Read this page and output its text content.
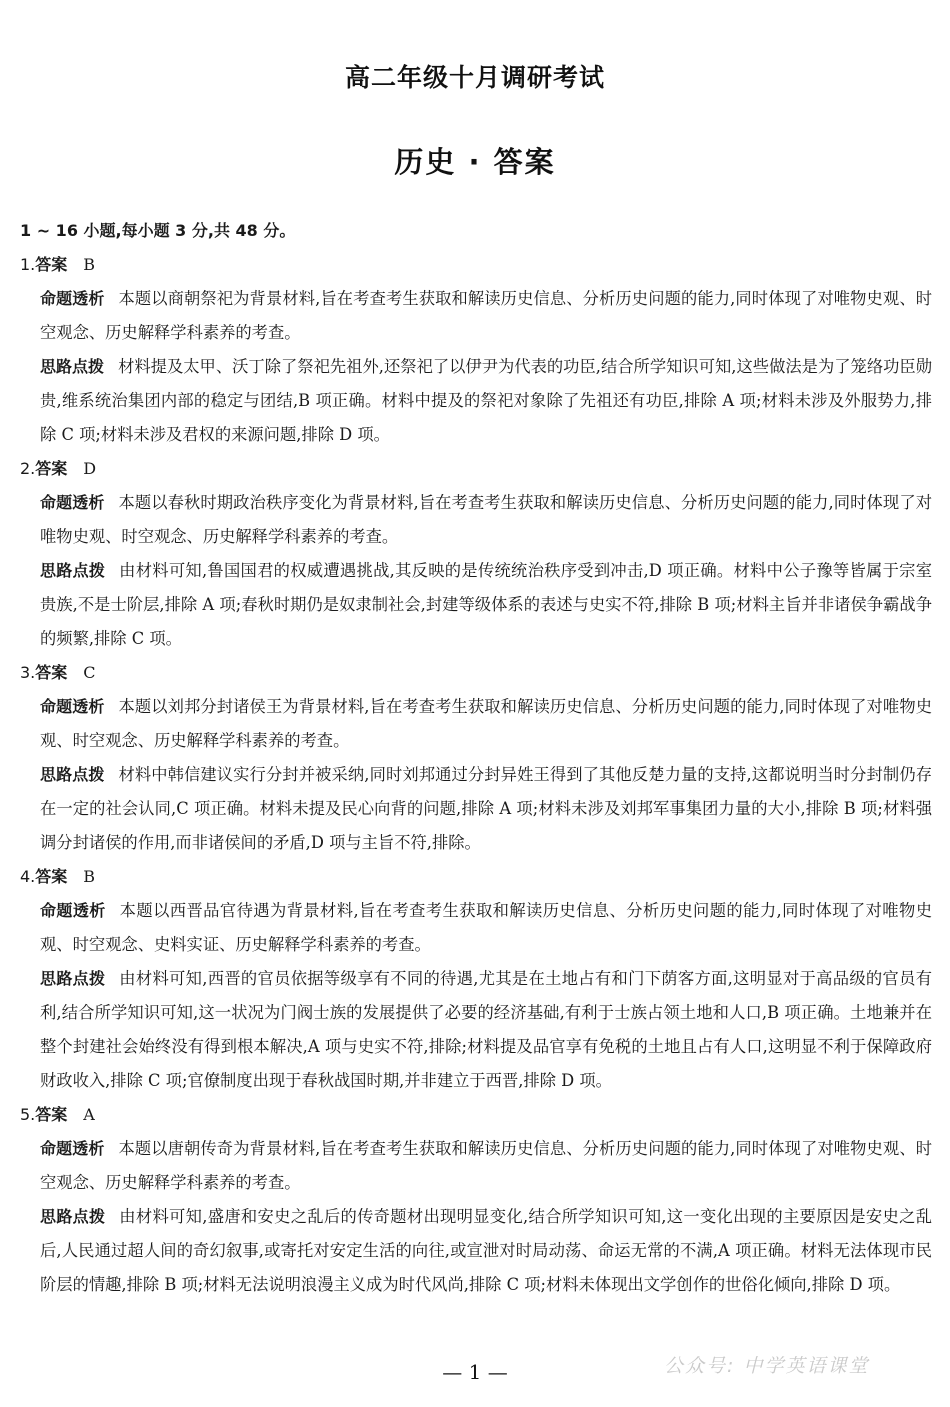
高二年级十月调研考试
历史 · 答案
1 ~ 16 小题,每小题 3 分,共 48 分。
1.答案 B
命题透析 本题以商朝祭祀为背景材料,旨在考查考生获取和解读历史信息、分析历史问题的能力,同时体现了对唯物史观、时空观念、历史解释学科素养的考查。
思路点拨 材料提及太甲、沃丁除了祭祀先祖外,还祭祀了以伊尹为代表的功臣,结合所学知识可知,这些做法是为了笼络功臣勋贵,维系统治集团内部的稳定与团结,B 项正确。材料中提及的祭祀对象除了先祖还有功臣,排除 A 项;材料未涉及外服势力,排除 C 项;材料未涉及君权的来源问题,排除 D 项。
2.答案 D
命题透析 本题以春秋时期政治秩序变化为背景材料,旨在考查考生获取和解读历史信息、分析历史问题的能力,同时体现了对唯物史观、时空观念、历史解释学科素养的考查。
思路点拨 由材料可知,鲁国国君的权威遭遇挑战,其反映的是传统统治秩序受到冲击,D 项正确。材料中公子豫等皆属于宗室贵族,不是士阶层,排除 A 项;春秋时期仍是奴隶制社会,封建等级体系的表述与史实不符,排除 B 项;材料主旨并非诸侯争霸战争的频繁,排除 C 项。
3.答案 C
命题透析 本题以刘邦分封诸侯王为背景材料,旨在考查考生获取和解读历史信息、分析历史问题的能力,同时体现了对唯物史观、时空观念、历史解释学科素养的考查。
思路点拨 材料中韩信建议实行分封并被采纳,同时刘邦通过分封异姓王得到了其他反楚力量的支持,这都说明当时分封制仍存在一定的社会认同,C 项正确。材料未提及民心向背的问题,排除 A 项;材料未涉及刘邦军事集团力量的大小,排除 B 项;材料强调分封诸侯的作用,而非诸侯间的矛盾,D 项与主旨不符,排除。
4.答案 B
命题透析 本题以西晋品官待遇为背景材料,旨在考查考生获取和解读历史信息、分析历史问题的能力,同时体现了对唯物史观、时空观念、史料实证、历史解释学科素养的考查。
思路点拨 由材料可知,西晋的官员依据等级享有不同的待遇,尤其是在土地占有和门下荫客方面,这明显对于高品级的官员有利,结合所学知识可知,这一状况为门阀士族的发展提供了必要的经济基础,有利于士族占领土地和人口,B 项正确。土地兼并在整个封建社会始终没有得到根本解决,A 项与史实不符,排除;材料提及品官享有免税的土地且占有人口,这明显不利于保障政府财政收入,排除 C 项;官僚制度出现于春秋战国时期,并非建立于西晋,排除 D 项。
5.答案 A
命题透析 本题以唐朝传奇为背景材料,旨在考查考生获取和解读历史信息、分析历史问题的能力,同时体现了对唯物史观、时空观念、历史解释学科素养的考查。
思路点拨 由材料可知,盛唐和安史之乱后的传奇题材出现明显变化,结合所学知识可知,这一变化出现的主要原因是安史之乱后,人民通过超人间的奇幻叙事,或寄托对安定生活的向往,或宣泄对时局动荡、命运无常的不满,A 项正确。材料无法体现市民阶层的情趣,排除 B 项;材料无法说明浪漫主义成为时代风尚,排除 C 项;材料未体现出文学创作的世俗化倾向,排除 D 项。
— 1 —	公众号: 中学英语课堂
